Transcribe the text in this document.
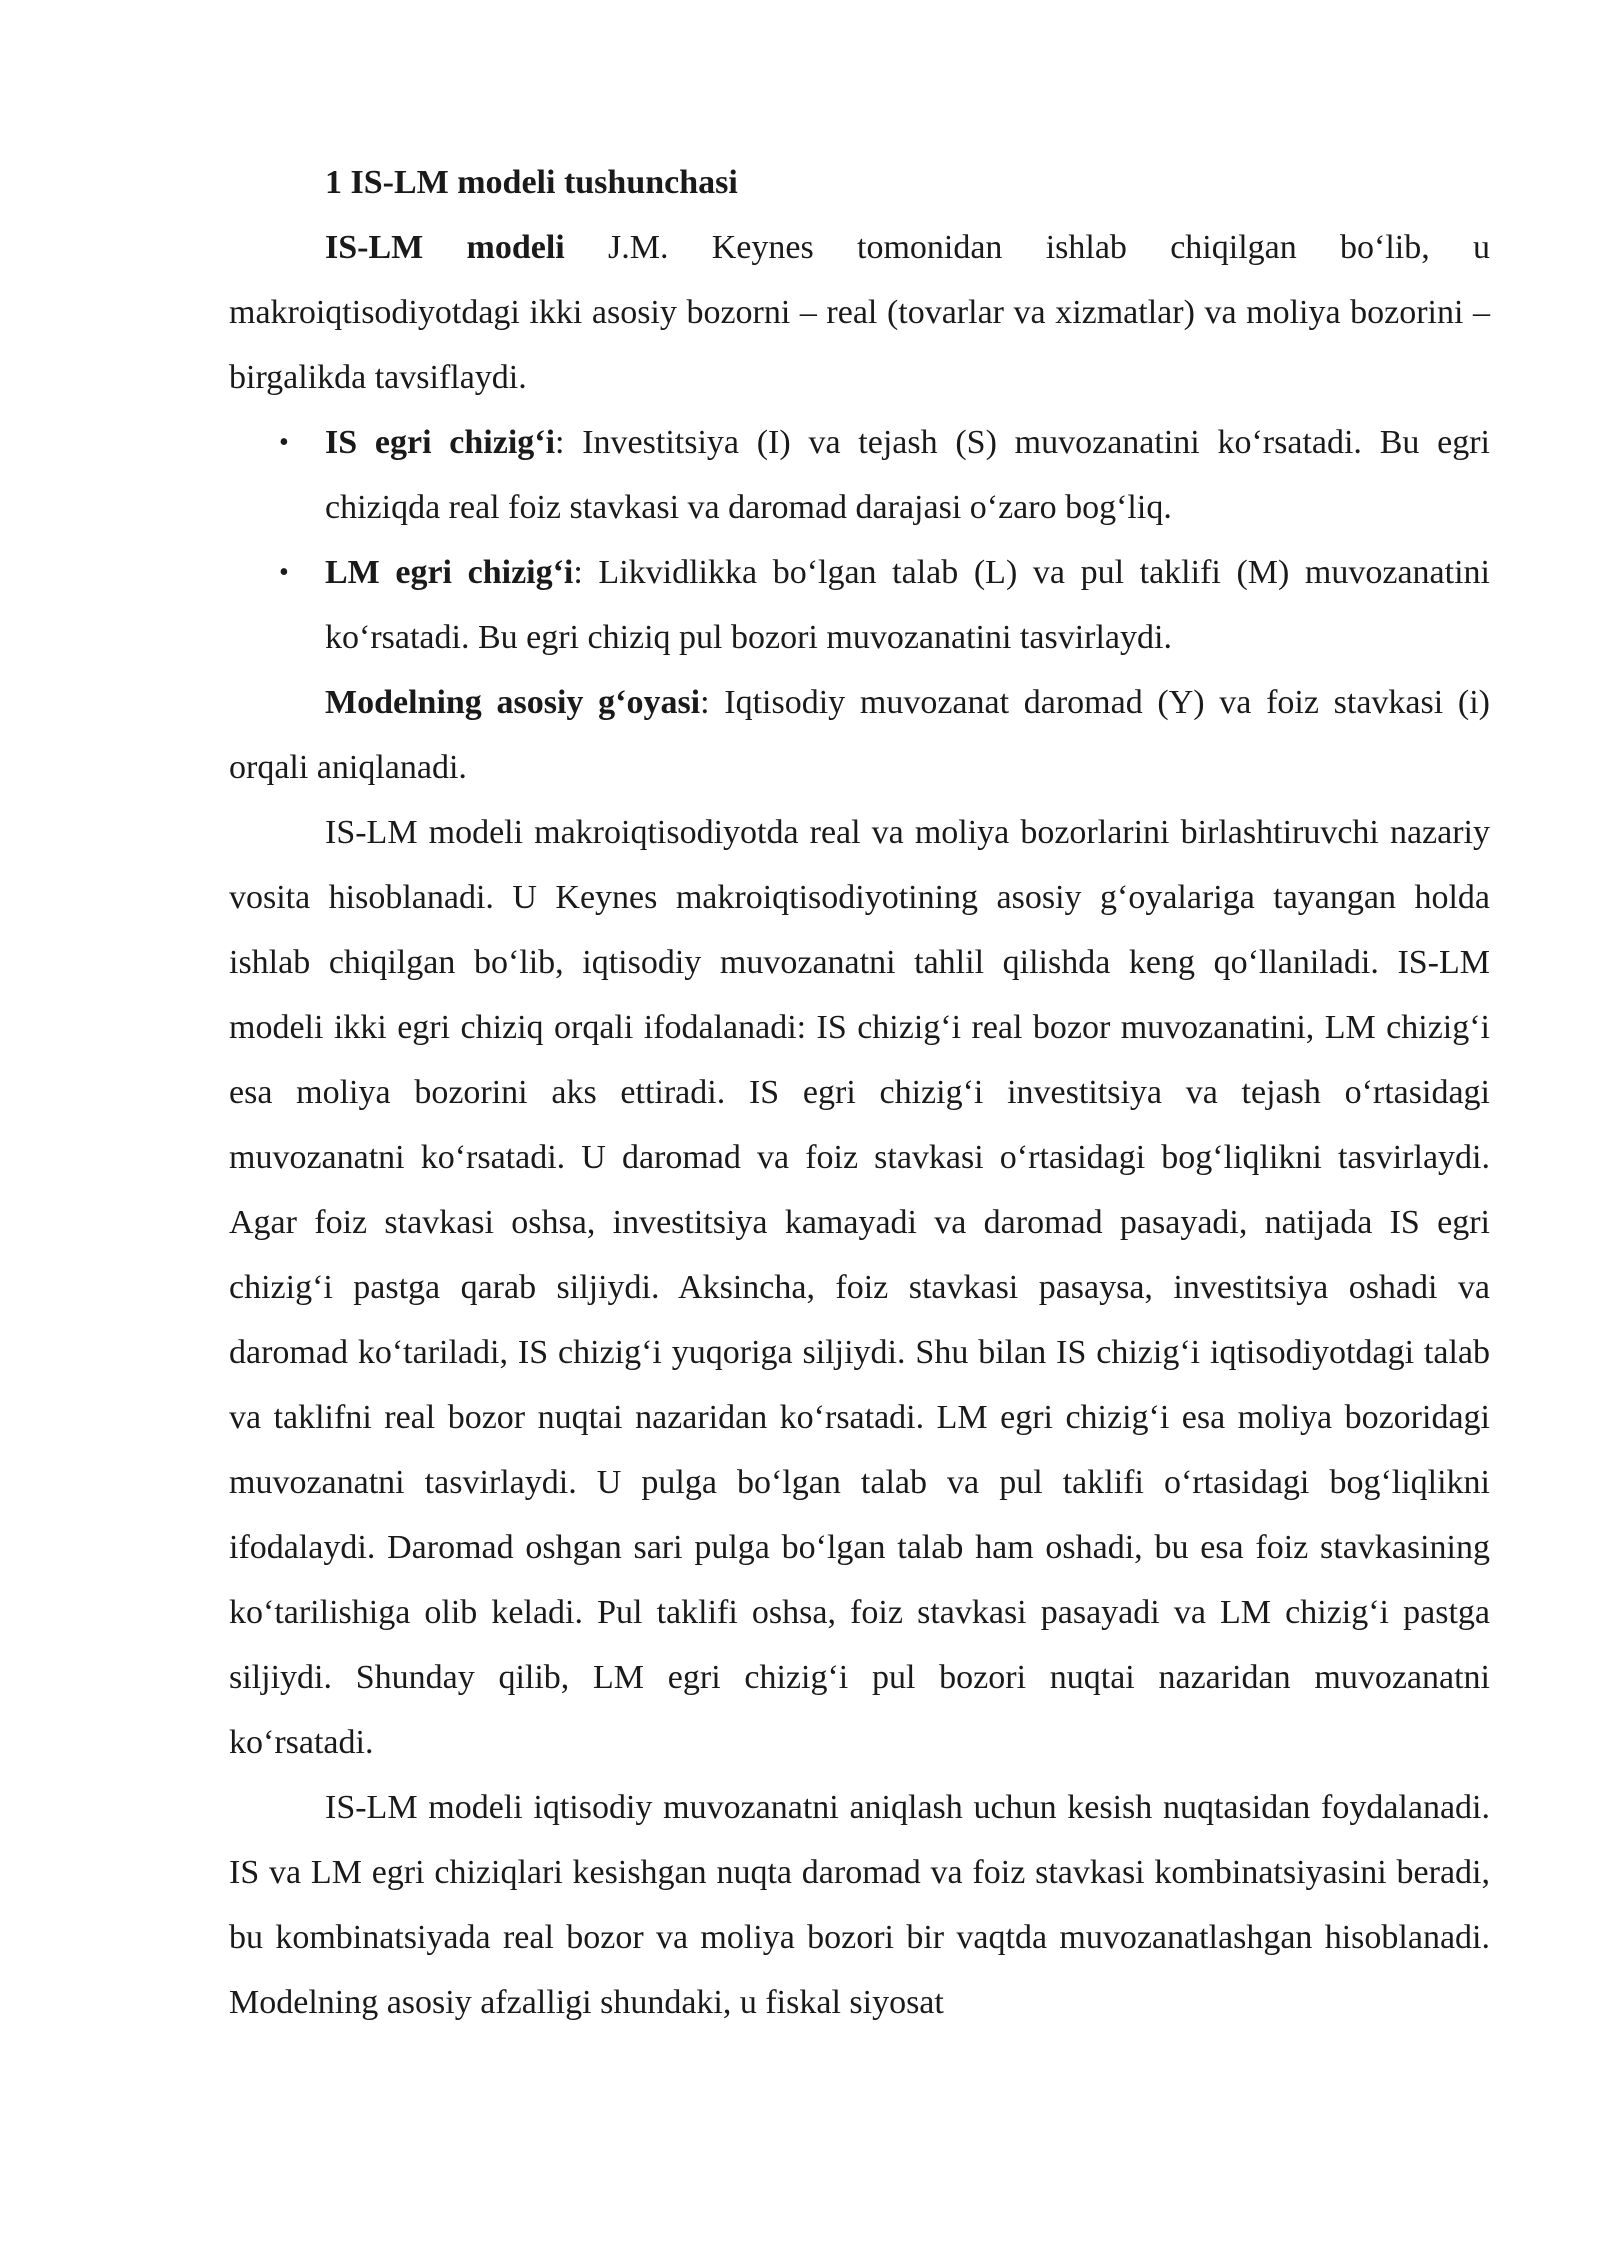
1 IS-LM modeli tushunchasi

IS-LM modeli J.M. Keynes tomonidan ishlab chiqilgan bo‘lib, u makroiqtisodiyotdagi ikki asosiy bozorni – real (tovarlar va xizmatlar) va moliya bozorini – birgalikda tavsiflaydi.

• IS egri chizig‘i: Investitsiya (I) va tejash (S) muvozanatini ko‘rsatadi. Bu egri chiziqda real foiz stavkasi va daromad darajasi o‘zaro bog‘liq.
• LM egri chizig‘i: Likvidlikka bo‘lgan talab (L) va pul taklifi (M) muvozanatini ko‘rsatadi. Bu egri chiziq pul bozori muvozanatini tasvirlaydi.

Modelning asosiy g‘oyasi: Iqtisodiy muvozanat daromad (Y) va foiz stavkasi (i) orqali aniqlanadi.

IS-LM modeli makroiqtisodiyotda real va moliya bozorlarini birlashtiruvchi nazariy vosita hisoblanadi. U Keynes makroiqtisodiyotining asosiy g‘oyalariga tayangan holda ishlab chiqilgan bo‘lib, iqtisodiy muvozanatni tahlil qilishda keng qo‘llaniladi. IS-LM modeli ikki egri chiziq orqali ifodalanadi: IS chizig‘i real bozor muvozanatini, LM chizig‘i esa moliya bozorini aks ettiradi. IS egri chizig‘i investitsiya va tejash o‘rtasidagi muvozanatni ko‘rsatadi. U daromad va foiz stavkasi o‘rtasidagi bog‘liqlikni tasvirlaydi. Agar foiz stavkasi oshsa, investitsiya kamayadi va daromad pasayadi, natijada IS egri chizig‘i pastga qarab siljiydi. Aksincha, foiz stavkasi pasaysa, investitsiya oshadi va daromad ko‘tariladi, IS chizig‘i yuqoriga siljiydi. Shu bilan IS chizig‘i iqtisodiyotdagi talab va taklifni real bozor nuqtai nazaridan ko‘rsatadi. LM egri chizig‘i esa moliya bozoridagi muvozanatni tasvirlaydi. U pulga bo‘lgan talab va pul taklifi o‘rtasidagi bog‘liqlikni ifodalaydi. Daromad oshgan sari pulga bo‘lgan talab ham oshadi, bu esa foiz stavkasining ko‘tarilishiga olib keladi. Pul taklifi oshsa, foiz stavkasi pasayadi va LM chizig‘i pastga siljiydi. Shunday qilib, LM egri chizig‘i pul bozori nuqtai nazaridan muvozanatni ko‘rsatadi.

IS-LM modeli iqtisodiy muvozanatni aniqlash uchun kesish nuqtasidan foydalanadi. IS va LM egri chiziqlari kesishgan nuqta daromad va foiz stavkasi kombinatsiyasini beradi, bu kombinatsiyada real bozor va moliya bozori bir vaqtda muvozanatlashgan hisoblanadi. Modelning asosiy afzalligi shundaki, u fiskal siyosat
